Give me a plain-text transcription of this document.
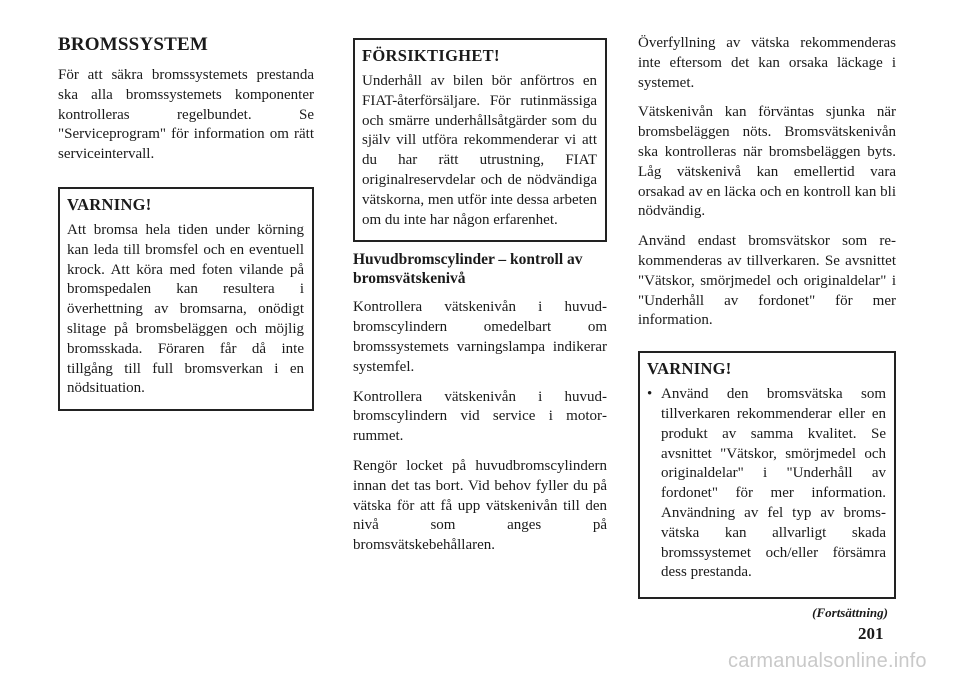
BROMSSYSTEM

För att säkra bromssystemets prestanda ska alla bromssystemets komponenter kontrolleras regelbundet. Se "Serviceprogram" för information om rätt serviceintervall.

VARNING!

Att bromsa hela tiden under körning kan leda till bromsfel och en eventuell krock. Att köra med foten vilande på bromspedalen kan resultera i överhettning av bromsarna, onödigt slitage på bromsbeläggen och möjlig bromsskada. Föraren får då inte tillgång till full bromsverkan i en nödsituation.

FÖRSIKTIGHET!

Underhåll av bilen bör anförtros en FIAT-återförsäljare. För rutinmässiga och smärre underhållsåtgärder som du själv vill utföra rekommenderar vi att du har rätt utrustning, FIAT originalreservdelar och de nödvändiga vätskorna, men utför inte dessa arbeten om du inte har någon erfarenhet.

Huvudbromscylinder – kontroll av bromsvätskenivå

Kontrollera vätskenivån i huvudbromscylindern omedelbart om bromssystemets varningslampa indikerar systemfel.

Kontrollera vätskenivån i huvudbromscylindern vid service i motorrummet.

Rengör locket på huvudbromscylindern innan det tas bort. Vid behov fyller du på vätska för att få upp vätskenivån till den nivå som anges på bromsvätskebehållaren.

Överfyllning av vätska rekommenderas inte eftersom det kan orsaka läckage i systemet.

Vätskenivån kan förväntas sjunka när bromsbeläggen nöts. Bromsvätskenivån ska kontrolleras när bromsbeläggen byts. Låg vätskenivå kan emellertid vara orsakad av en läcka och en kontroll kan bli nödvändig.

Använd endast bromsvätskor som rekommenderas av tillverkaren. Se avsnittet "Vätskor, smörjmedel och originaldelar" i "Underhåll av fordonet" för mer information.

VARNING!
• Använd den bromsvätska som tillverkaren rekommenderar eller en produkt av samma kvalitet. Se avsnittet "Vätskor, smörjmedel och originaldelar" i "Underhåll av fordonet" för mer information. Användning av fel typ av bromsvätska kan allvarligt skada bromssystemet och/eller försämra dess prestanda.
(Fortsättning)
201
carmanualsonline.info
